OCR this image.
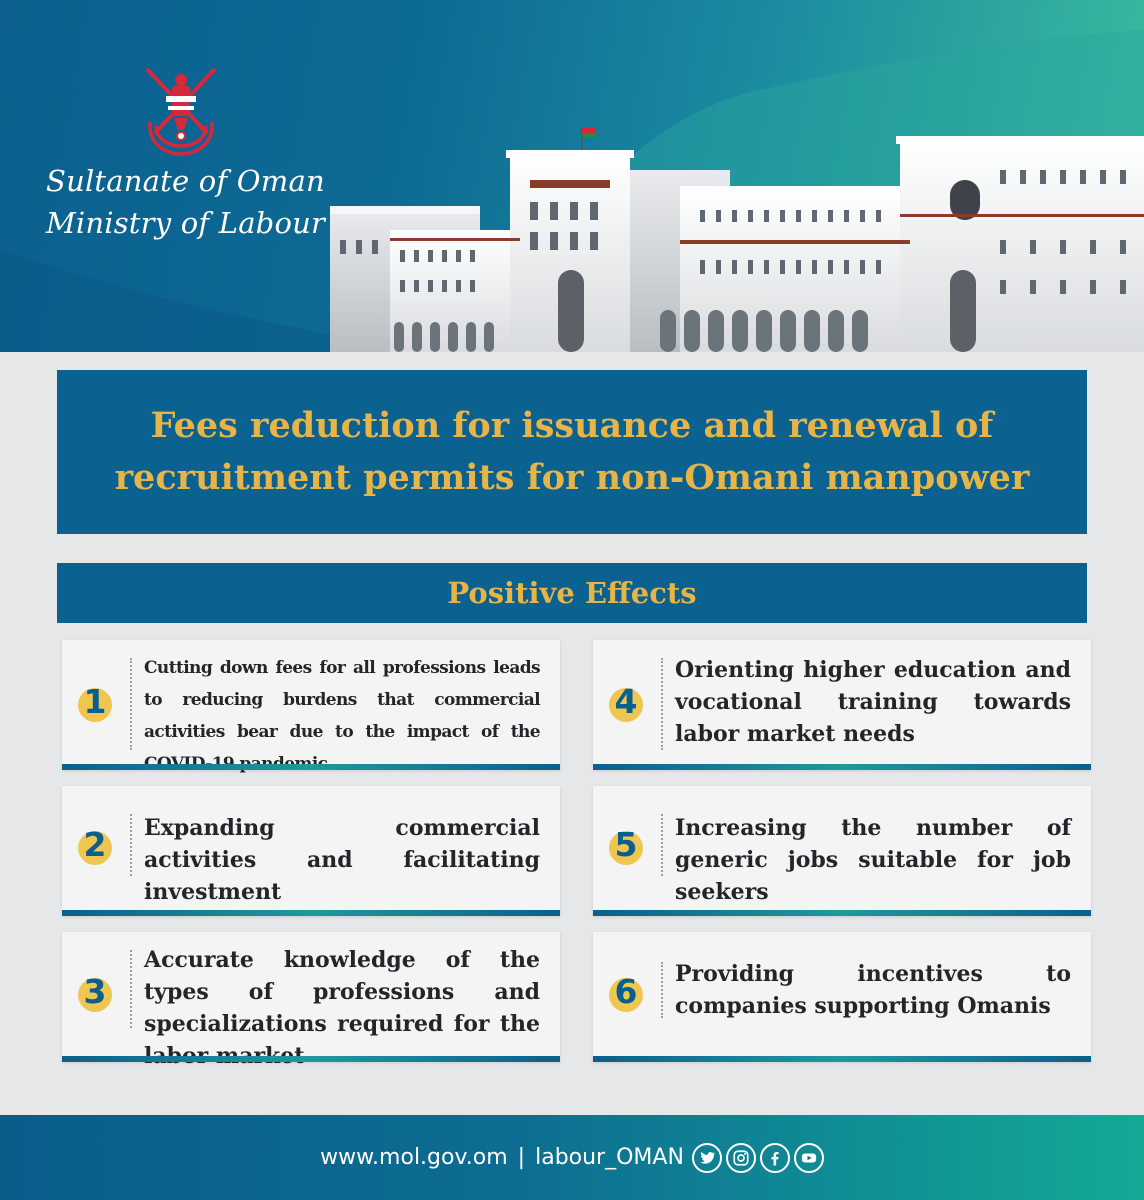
Sultanate of Oman
Ministry of Labour
Fees reduction for issuance and renewal of
recruitment permits for non-Omani manpower
Positive Effects
1
Cutting down fees for all professions leads to reducing burdens that commercial activities bear due to the impact of the
2	Expanding commercial activities and facilitating investment
3
Accurate knowledge of the types of professions and specializations required for the
4
Orienting higher education and vocational training towards labor market needs
5	Increasing the number of generic jobs suitable for job seekers
6	Providing incentives to companies supporting Omanis
www.mol.gov.om | labour_OMAN
